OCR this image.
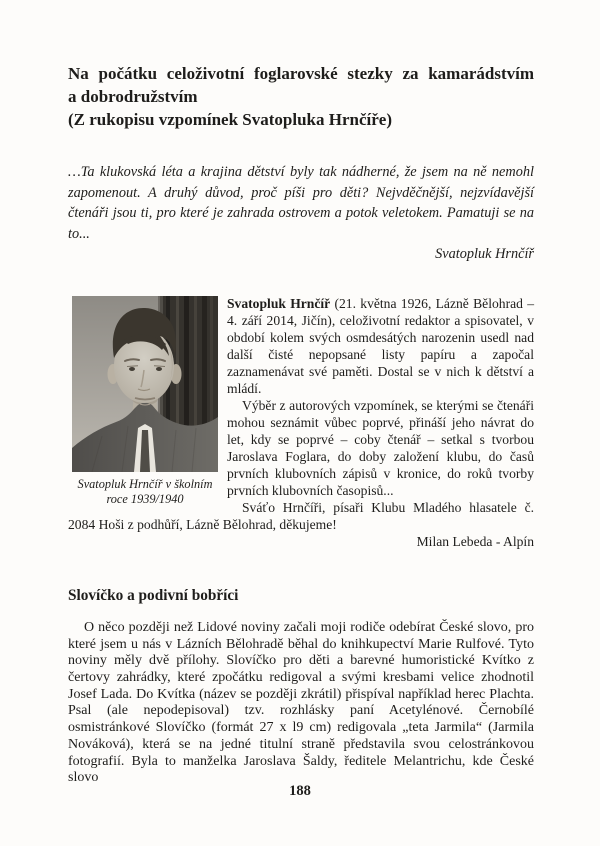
Na počátku celoživotní foglarovské stezky za kamarádstvím
a dobrodružstvím
(Z rukopisu vzpomínek Svatopluka Hrnčíře)
…Ta klukovská léta a krajina dětství byly tak nádherné, že jsem na ně nemohl zapomenout. A druhý důvod, proč píši pro děti? Nejvděčnější, nejzvídavější čtenáři jsou ti, pro které je zahrada ostrovem a potok veletokem. Pamatuji se na to...
Svatopluk Hrnčíř
Svatopluk Hrnčíř v školním
roce 1939/1940

Svatopluk Hrnčíř (21. května 1926, Lázně Bělohrad – 4. září 2014, Jičín), celoživotní redaktor a spisovatel, v období kolem svých osmdesátých narozenin usedl nad další čisté nepopsané listy papíru a započal zaznamenávat své paměti. Dostal se v nich k dětství a mládí.

Výběr z autorových vzpomínek, se kterými se čtenáři mohou seznámit vůbec poprvé, přináší jeho návrat do let, kdy se poprvé – coby čtenář – setkal s tvorbou Jaroslava Foglara, do doby založení klubu, do časů prvních klubovních zápisů v kronice, do roků tvorby prvních klubovních časopisů...

Sváťo Hrnčíři, písaři Klubu Mladého hlasatele č. 2084 Hoši z podhůří, Lázně Bělohrad, děkujeme!

Milan Lebeda - Alpín

Slovíčko a podivní bobříci

O něco později než Lidové noviny začali moji rodiče odebírat České slovo, pro které jsem u nás v Lázních Bělohradě běhal do knihkupectví Marie Rulfové. Tyto noviny měly dvě přílohy. Slovíčko pro děti a barevné humoristické Kvítko z čertovy zahrádky, které zpočátku redigoval a svými kresbami velice zhodnotil Josef Lada. Do Kvítka (název se později zkrátil) přispíval například herec Plachta. Psal (ale nepodepisoval) tzv. rozhlásky paní Acetylénové. Černobílé osmistránkové Slovíčko (formát 27 x l9 cm) redigovala „teta Jarmila“ (Jarmila Nováková), která se na jedné titulní straně představila svou celostránkovou fotografií. Byla to manželka Jaroslava Šaldy, ředitele Melantrichu, kde České slovo

188
